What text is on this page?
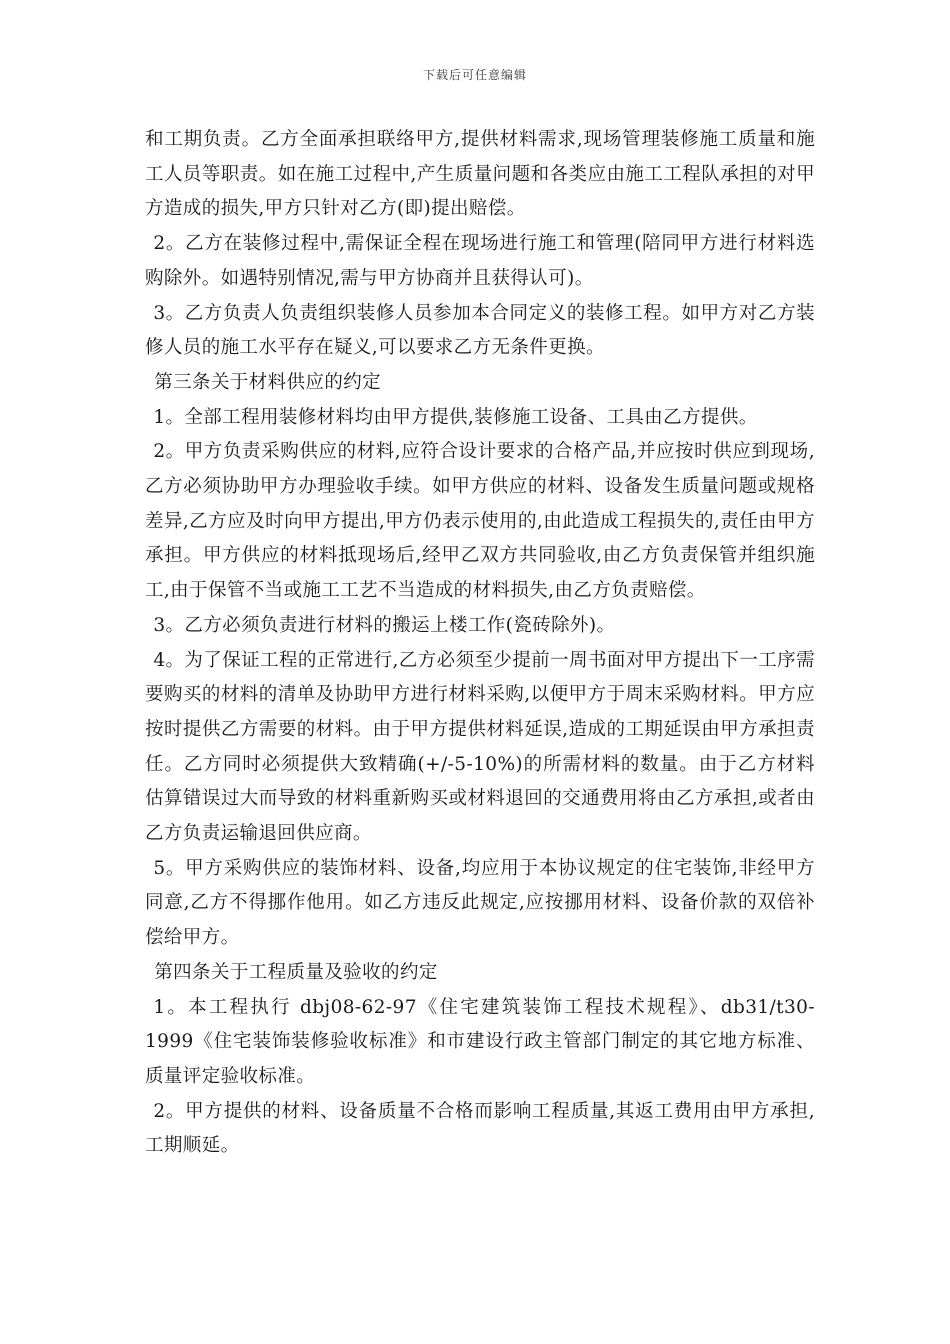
下载后可任意编辑

和工期负责。乙方全面承担联络甲方,提供材料需求,现场管理装修施工质量和施工人员等职责。如在施工过程中,产生质量问题和各类应由施工工程队承担的对甲方造成的损失,甲方只针对乙方(即)提出赔偿。

2。乙方在装修过程中,需保证全程在现场进行施工和管理(陪同甲方进行材料选购除外。如遇特别情况,需与甲方协商并且获得认可)。

3。乙方负责人负责组织装修人员参加本合同定义的装修工程。如甲方对乙方装修人员的施工水平存在疑义,可以要求乙方无条件更换。

第三条关于材料供应的约定

1。全部工程用装修材料均由甲方提供,装修施工设备、工具由乙方提供。

2。甲方负责采购供应的材料,应符合设计要求的合格产品,并应按时供应到现场,乙方必须协助甲方办理验收手续。如甲方供应的材料、设备发生质量问题或规格差异,乙方应及时向甲方提出,甲方仍表示使用的,由此造成工程损失的,责任由甲方承担。甲方供应的材料抵现场后,经甲乙双方共同验收,由乙方负责保管并组织施工,由于保管不当或施工工艺不当造成的材料损失,由乙方负责赔偿。

3。乙方必须负责进行材料的搬运上楼工作(瓷砖除外)。

4。为了保证工程的正常进行,乙方必须至少提前一周书面对甲方提出下一工序需要购买的材料的清单及协助甲方进行材料采购,以便甲方于周末采购材料。甲方应按时提供乙方需要的材料。由于甲方提供材料延误,造成的工期延误由甲方承担责任。乙方同时必须提供大致精确(+/-5-10%)的所需材料的数量。由于乙方材料估算错误过大而导致的材料重新购买或材料退回的交通费用将由乙方承担,或者由乙方负责运输退回供应商。

5。甲方采购供应的装饰材料、设备,均应用于本协议规定的住宅装饰,非经甲方同意,乙方不得挪作他用。如乙方违反此规定,应按挪用材料、设备价款的双倍补偿给甲方。

第四条关于工程质量及验收的约定

1。本工程执行 dbj08-62-97《住宅建筑装饰工程技术规程》、db31/t30-1999《住宅装饰装修验收标准》和市建设行政主管部门制定的其它地方标准、质量评定验收标准。

2。甲方提供的材料、设备质量不合格而影响工程质量,其返工费用由甲方承担,工期顺延。
